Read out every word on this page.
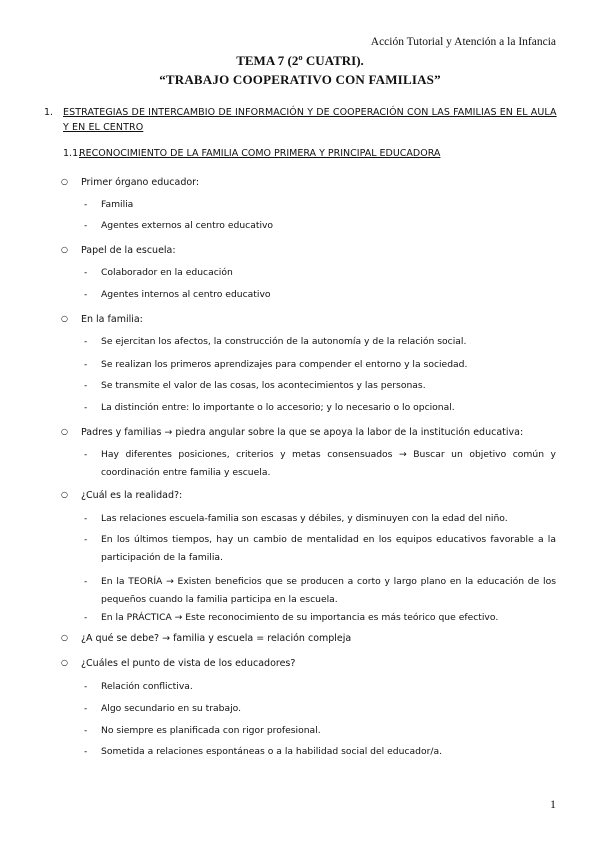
Acción Tutorial y Atención a la Infancia
TEMA 7 (2º CUATRI).
“TRABAJO COOPERATIVO CON FAMILIAS”
1.	ESTRATEGIAS DE INTERCAMBIO DE INFORMACIÓN Y DE COOPERACIÓN CON LAS FAMILIAS EN EL AULA Y EN EL CENTRO
1.1.
RECONOCIMIENTO DE LA FAMILIA COMO PRIMERA Y PRINCIPAL EDUCADORA
○ Primer órgano educador:
- Familia
- Agentes externos al centro educativo
○ Papel de la escuela:
- Colaborador en la educación
- Agentes internos al centro educativo
○ En la familia:
- Se ejercitan los afectos, la construcción de la autonomía y de la relación social.
- Se realizan los primeros aprendizajes para compender el entorno y la sociedad.
- Se transmite el valor de las cosas, los acontecimientos y las personas.
- La distinción entre: lo importante o lo accesorio; y lo necesario o lo opcional.
○ Padres y familias → piedra angular sobre la que se apoya la labor de la institución educativa:
- Hay diferentes posiciones, criterios y metas consensuados → Buscar un objetivo común y coordinación entre familia y escuela.
○ ¿Cuál es la realidad?:
- Las relaciones escuela-familia son escasas y débiles, y disminuyen con la edad del niño.
- En los últimos tiempos, hay un cambio de mentalidad en los equipos educativos favorable a la participación de la familia.
- En la TEORÍA → Existen beneficios que se producen a corto y largo plano en la educación de los pequeños cuando la familia participa en la escuela.
- En la PRÁCTICA → Este reconocimiento de su importancia es más teórico que efectivo.
○ ¿A qué se debe? → familia y escuela = relación compleja
○ ¿Cuáles el punto de vista de los educadores?
- Relación conflictiva.
- Algo secundario en su trabajo.
- No siempre es planificada con rigor profesional.
- Sometida a relaciones espontáneas o a la habilidad social del educador/a.
1
